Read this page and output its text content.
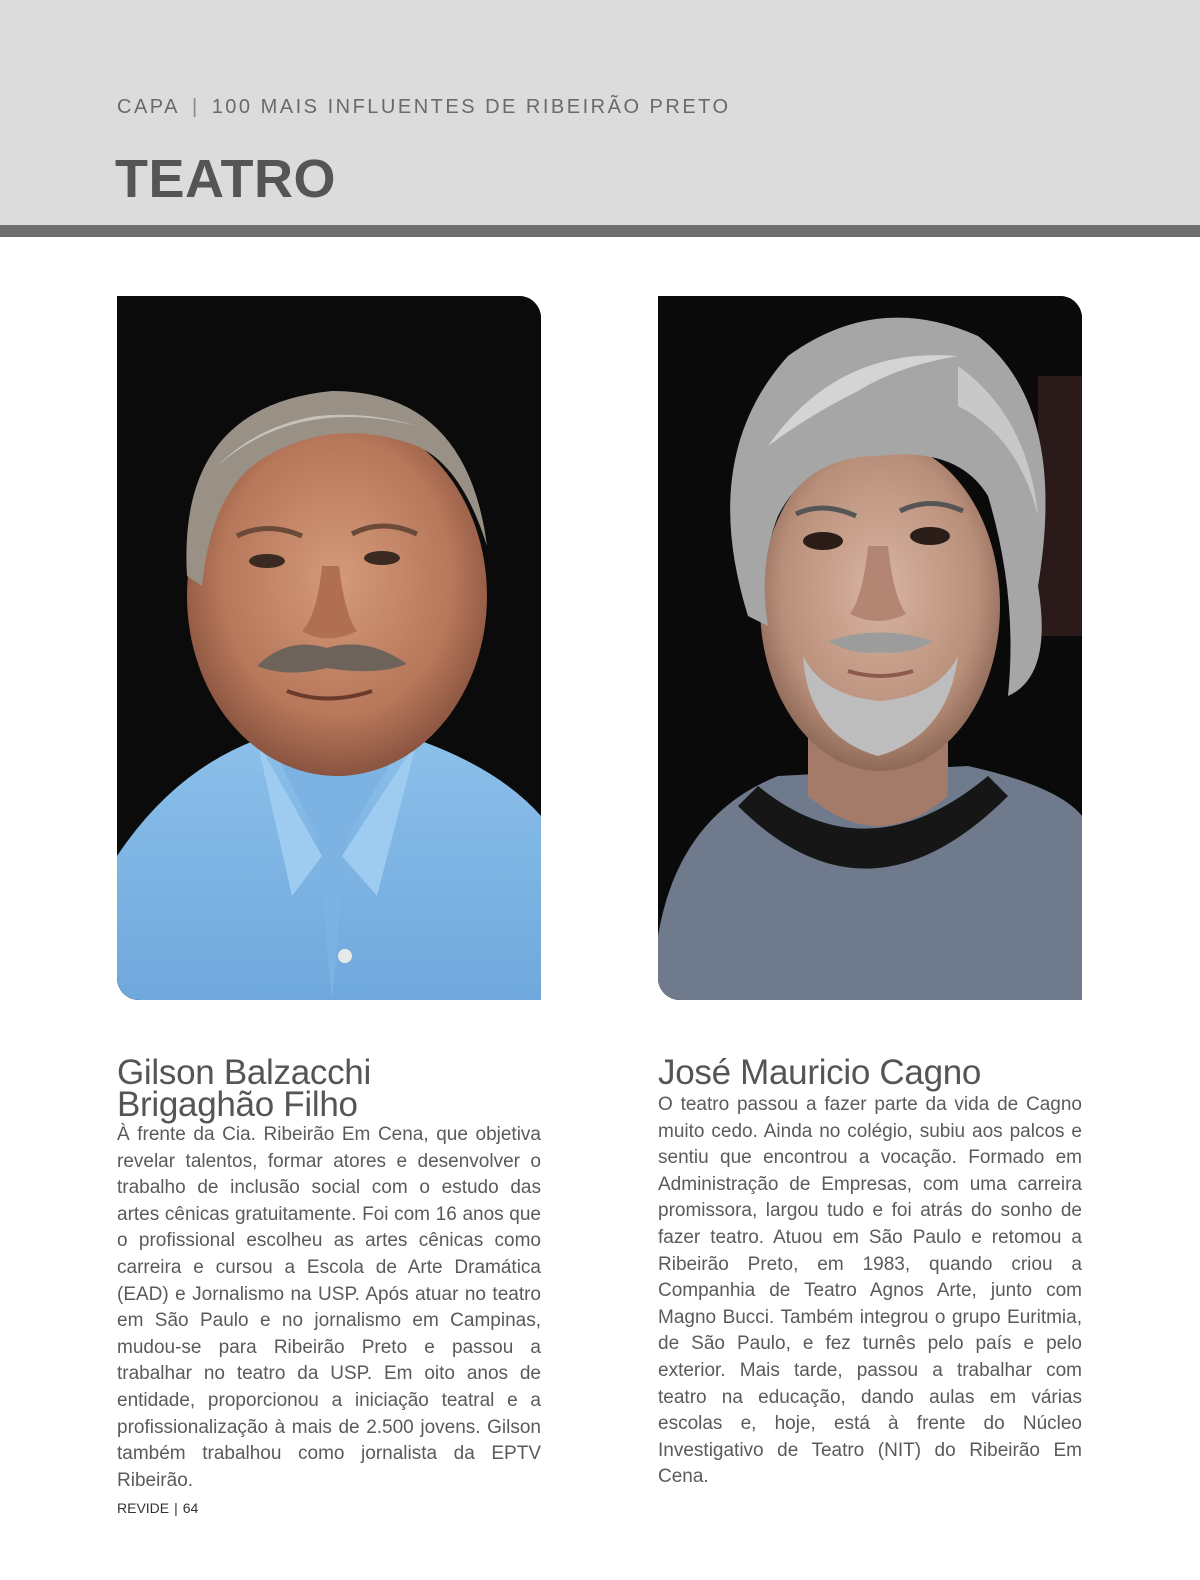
CAPA | 100 MAIS INFLUENTES DE RIBEIRÃO PRETO
TEATRO
Gilson Balzacchi
Brigaghão Filho

À frente da Cia. Ribeirão Em Cena, que objetiva revelar talentos, formar atores e desenvolver o trabalho de inclusão social com o estudo das artes cênicas gratuitamente. Foi com 16 anos que o profissional escolheu as artes cênicas como carreira e cursou a Escola de Arte Dramática (EAD) e Jornalismo na USP. Após atuar no teatro em São Paulo e no jornalismo em Campinas, mudou-se para Ribeirão Preto e passou a trabalhar no teatro da USP. Em oito anos de entidade, proporcionou a iniciação teatral e a profissionalização à mais de 2.500 jovens. Gilson também trabalhou como jornalista da EPTV Ribeirão.

José Mauricio Cagno

O teatro passou a fazer parte da vida de Cagno muito cedo. Ainda no colégio, subiu aos palcos e sentiu que encontrou a vocação. Formado em Administração de Empresas, com uma carreira promissora, largou tudo e foi atrás do sonho de fazer teatro. Atuou em São Paulo e retomou a Ribeirão Preto, em 1983, quando criou a Companhia de Teatro Agnos Arte, junto com Magno Bucci. Também integrou o grupo Euritmia, de São Paulo, e fez turnês pelo país e pelo exterior. Mais tarde, passou a trabalhar com teatro na educação, dando aulas em várias escolas e, hoje, está à frente do Núcleo Investigativo de Teatro (NIT) do Ribeirão Em Cena.

REVIDE | 64
